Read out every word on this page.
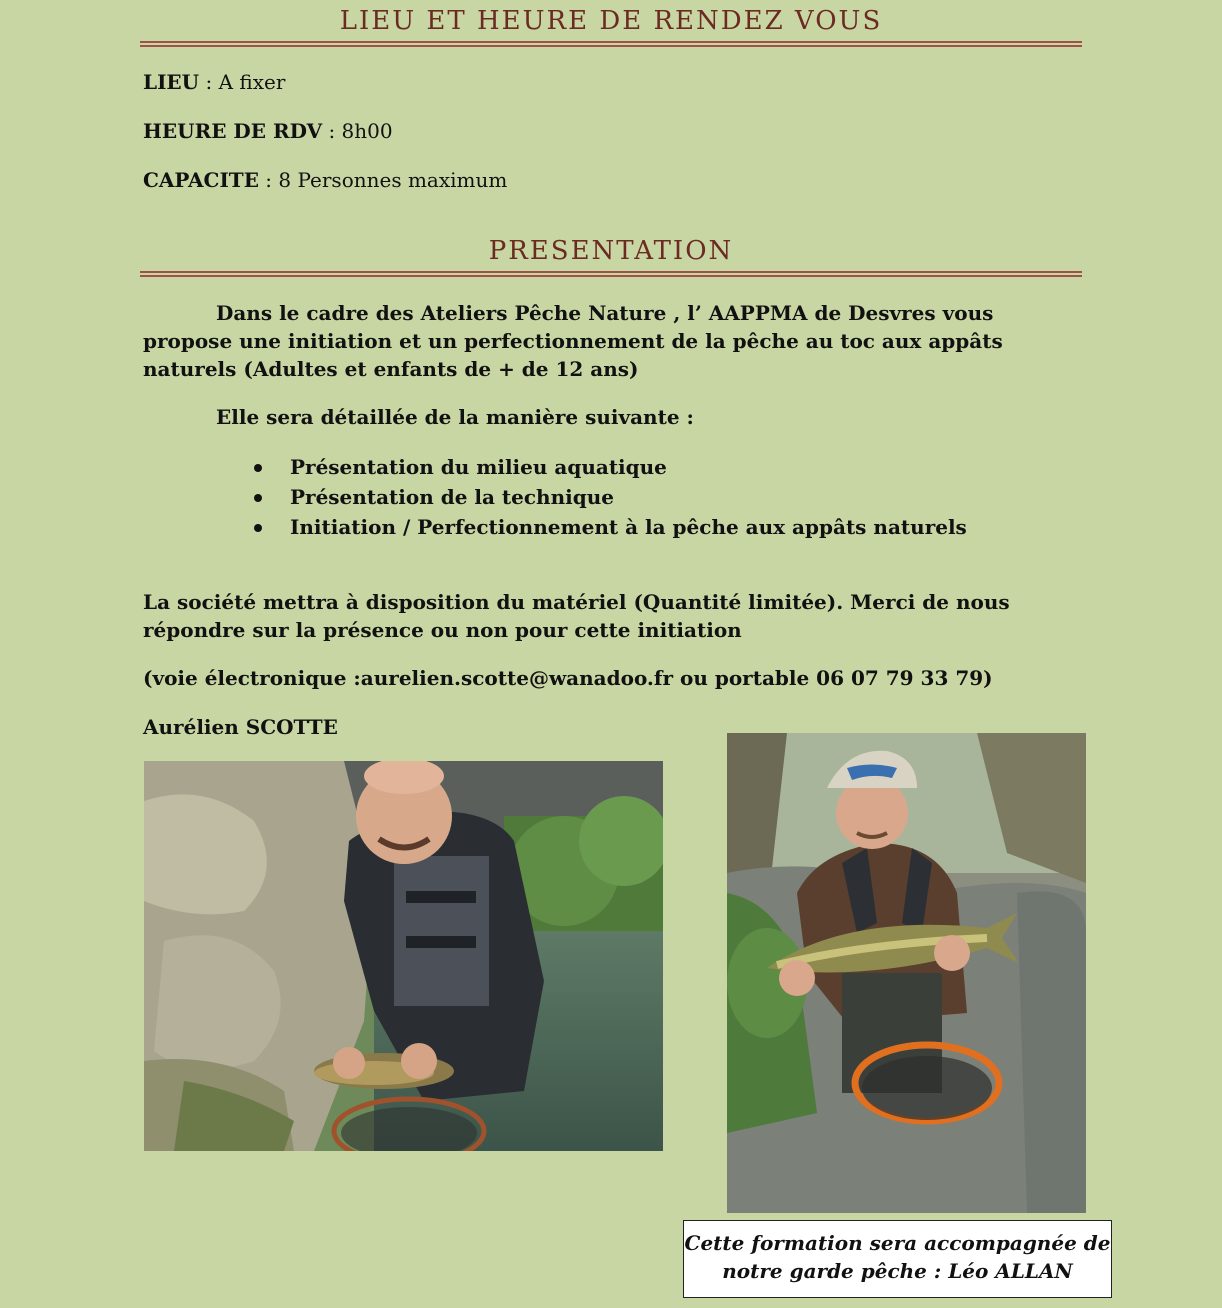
LIEU ET HEURE DE RENDEZ VOUS
LIEU : A fixer
HEURE DE RDV : 8h00
CAPACITE : 8 Personnes maximum
PRESENTATION
Dans le cadre des Ateliers Pêche Nature , l’ AAPPMA de Desvres vous propose une initiation et un perfectionnement de la pêche au toc aux appâts naturels (Adultes et enfants de + de 12 ans)
Elle sera détaillée de la manière suivante :
Présentation du milieu aquatique
Présentation de la technique
Initiation / Perfectionnement à la pêche aux appâts naturels
La société mettra à disposition du matériel (Quantité limitée). Merci de nous répondre sur la présence ou non pour cette initiation
(voie électronique :aurelien.scotte@wanadoo.fr ou portable 06 07 79 33 79)
Aurélien SCOTTE
Cette formation sera accompagnée de notre garde pêche : Léo ALLAN
